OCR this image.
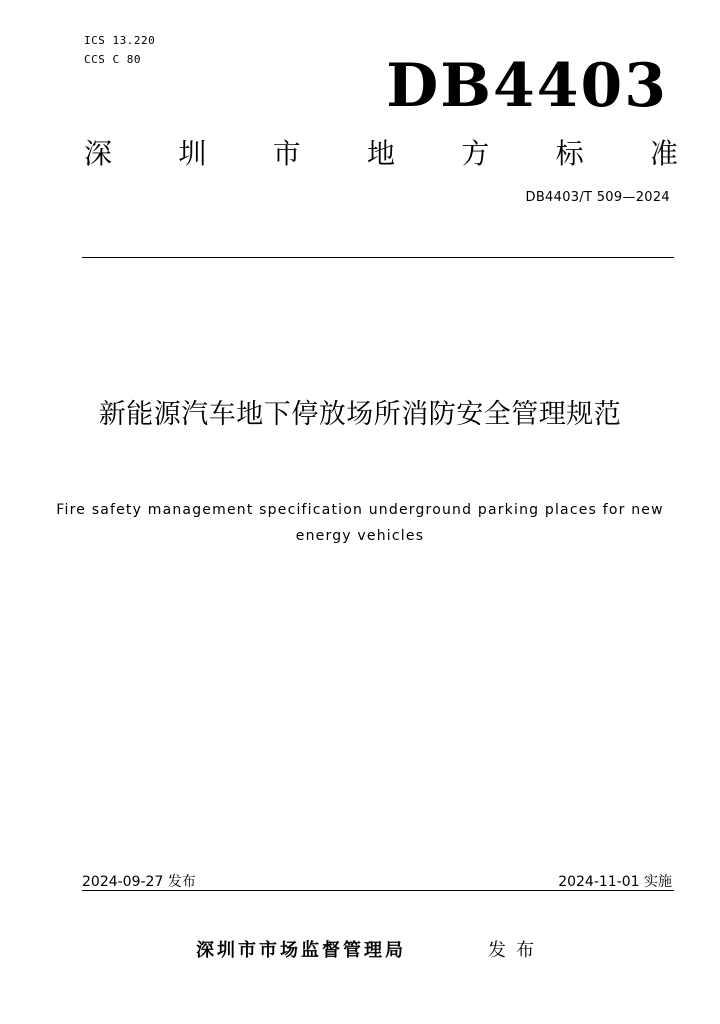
ICS 13.220
CCS C 80	DB4403
深 圳 市 地 方 标 准
DB4403/T 509—2024
新能源汽车地下停放场所消防安全管理规范
Fire safety management specification underground parking places for new energy vehicles
2024-09-27 发布	2024-11-01 实施
深圳市市场监督管理局	发布
